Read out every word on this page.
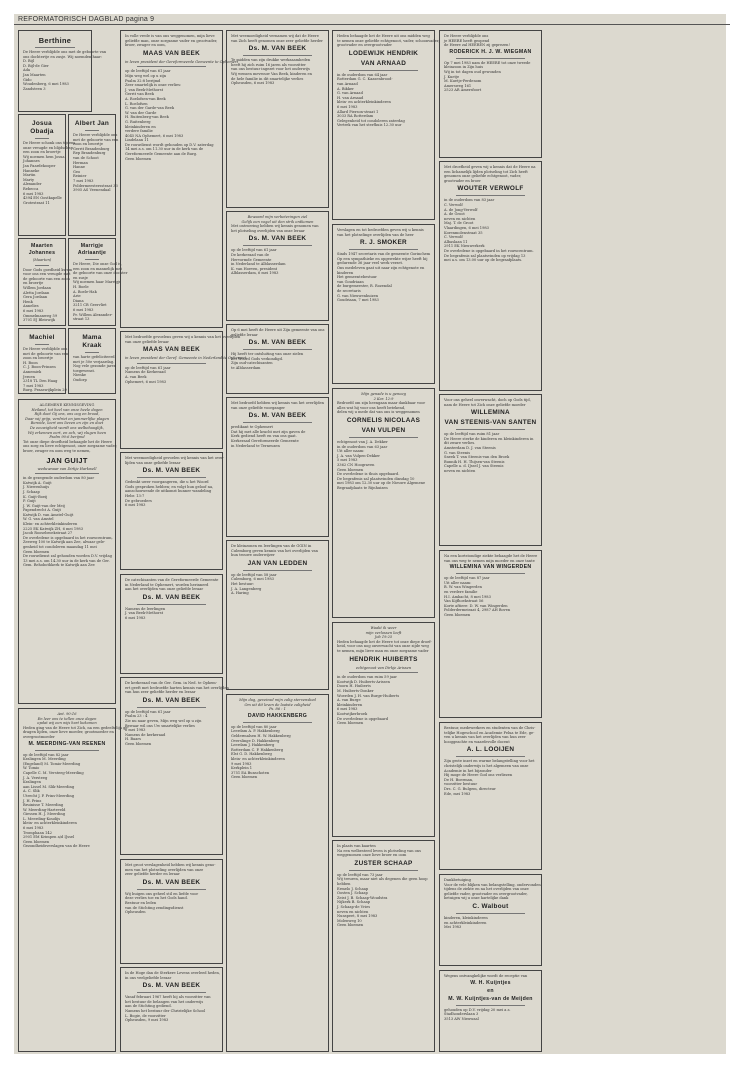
REFORMATORISCH DAGBLAD pagina 9
Berthine
De Heere verblijdde ons met de geboorte van
ons dochtertje en zusje. Wij noemden haar:
D. Bijl
D. Bijl-de Gier
Ada
Jan Maarten
Gido
Woudenberg, 6 mei 1983
Zandsteen 3
Josua Obadja
De Heere schonk ons tijdens
onze vreugde en blijdschap
een zoon en broertje
Wij noemen hem Josua.
Johannes
Jan Paardekooper
Hanneke
Martin
Marty
Alexander
Rebecca
6 mei 1983
4394 EN Oostkapelle
Grotestraat 11
Albert Jan
De Heere verblijdde ons
met de geboorte van een
zoon en broertje
Gerrit Brandenburg
Rep Brandenburg
van de Schoot
Herman
Hanne
Geo
Reinier
7 mei 1983
Poldermeestersstraat 33
3905 AS Veenendaal
Maarten Johannes
(Maarten)
Door Gods goedheid kwam
voor ons een vreugde met
de geboorte van een zoon
en broertje
Willem Jordaan
Aletta Jordaan
Gera Jordaan
Henk
Annelies
6 mei 1983
Ommelmanweg 59
3701 EJ Bleiswijk
Marrigje Adriaantje
De Heere, Die onze God is,
een zoon en mannelijk met
de geboorte van onze dochter
en zusje
Wij noemen haar Marrigje
H. Boele
A. Boele-Hak
Arie
Diana
3211 CB Geervliet
6 mei 1983
Pr. Willem Alexander-
straat 13
Machiel
De Heere verblijdde ons
met de geboorte van een
zoon en broertje
H. Boon
C. J. Boon-Prinsen
Annemiek
Jeroen
2318 TL Den Haag
7 mei 1983
Burg. Praaswijkplein 29
Mama Kraak
van harte gefeliciteerd
met je 50e verjaardag.
Nog vele gezonde jaren
toegewenst.
Nienke
Oudorp
ALGEMENE KENNISGEVING
Heiland, tot heel van onze heele dagen
Rijk doet Gij ons, ons oog en brood,
Daar wij grijp, verdriet en jammerlijke plagen
Bereide, leert ons lieven en zijn en doet
De eeuwigheid wordt ons welbehaaglijk,
Wij erkennen eert, en ach, wij vlugen heen
Psalm 90:6 berijmd
Tot onze diepe droefheid behaagde het de Heere
ons zorg en lieve echtgenoot, onze zorgzame vader,
broer, zwager en oom weg te nemen,
JAN GUIJT
weduwnaar van Dirkje Harkwell
in de gezegende ouderdom van 80 jaar
Katwijk A. Guijt
J. Niewenhuijs
J. Schaap
K. Guijt-Boeij
P. Guijt
J. W. Guijt-van der Meij
Papendrecht A. Guijt
Katwijk D. van Amstel-Guijt
W. G. van Amstel
Klein- en achterkleinkinderen
2225 EK Katwijk ZH, 6 mei 1983
Jacob Roosebroekstraat 27
De overledene is opgebaard in het rouwcentrum,
Zeeweg 100 te Katwijk aan Zee, alwaar gele-
genheid tot condoleren maandag 11 mei
Geen bloemen
De rouwdienst zal gehouden worden D.V. vrijdag
13 mei a.s. om 14.30 uur in de kerk van de Ger.
Gem. Rehobothkerk te Katwijk aan Zee
Ant. 90:16
En leer ons te tellen onze dagen
opdat wij een wijs hart bekomen
Heden ging van de Heere tot Zich, na een gedeeltelijk ge-
dragen lijden, onze lieve moeder, grootmoeder en
overgrootmoeder
M. MEERDING-VAN REENEN
op de leeftijd van 82 jaar
Kralingen M. Meerding
(Engeland) M. Tomio-Meerding
W. Tomio
Capelle C. M. Versteeg-Meerding
J. A. Versteeg
Kralingen
aan Lissel M. Slik-Meerding
A. C. Slik
Utrecht J. P. Prins-Meerding
J. H. Prins
Bruinisse T. Meerding
W. Meerding-Harteveld
Giessen H. J. Meerding
L. Meerding-Koudijs
klein- en achterkleinkinderen
6 mei 1983
Tromphaan 142
2901 EM Krimpen a/d IJssel
Geen bloemen
Gezondheidsverslagen van de Heere
In volle vrede is van ons weggenomen, mijn lieve
geliefde man, onze zorgzame vader en grootvader,
broer, zwager en oom,
MAAS VAN BEEK
in leven president der Gereformeerde Gemeente te Ophemert
op de leeftijd van 61 jaar
Mijn weg wel op u zijn
Psalm 32:8 berijmd
Zeer smartelijk is onze verlies:
J. van Beek-Methorst
Gerrit van Beek
A. Roelofsen-van Beek
L. Roelofsen
G. van der Garde-van Beek
W. van der Garde
H. Ruitenberg-van Beek
G. Ruitenberg
kleinkinderen en
verdere familie
4045 NA Ophemert, 6 mei 1983
Lindelaan 11
De rouwdienst wordt gehouden op D.V. zaterdag
14 mei a.s. om 11.30 uur in de kerk van de
Gereformeerde Gemeente aan de Burg.
Geen bloemen
Met bedroefde gevoelens geven wij u kennis van het overlijden
van onze geliefde leraar
MAAS VAN BEEK
in leven president der Geref. Gemeente in Nederland te Ophemert
op de leeftijd van 61 jaar
Namens de Kerkeraad
A. van Beek
Ophemert, 6 mei 1983
Met weemoedigheid gevoelen wij kennis van het over-
lijden van onze geliefde leraar
Ds. M. VAN BEEK
Gedenkt uwer voorgangeren, die u het Woord
Gods gesproken hebben; en volgt hun geloof na,
aanschouwende de uitkomst hunner wandeling
Hebr. 13:7
De gebroeders
6 mei 1983
De catechisanten van de Gereformeerde Gemeente
in Nederland te Ophemert, worden herinnerd
aan het overlijden van onze geliefde leraar
Ds. M. VAN BEEK
Namens de leerlingen
J. van Beek-Methorst
6 mei 1983
De kerkeraad van de Ger. Gem. in Ned. te Ophem-
ert geeft met bedroefde harten kennis van het overlijden
van hun zeer geliefde herder en leraar
Ds. M. VAN BEEK
op de leeftijd van 61 jaar
Psalm 23 : 4
Zie nu naar geven, Mijn weg wel op u zijn
Bewaar wil ons Uw smartelijke verlies
6 mei 1983
Namens de kerkeraad
H. Baars
Geen bloemen
Met groot verslagenheid hebben wij kennis geno-
men van het plotseling overlijden van onze
zeer geliefde herder en leraar
Ds. M. VAN BEEK
Wij buigen ons geheel stil en liefde voor
deze verlies toe en het Gods hand.
Bestuur en leden
van de Stichting zendingsdienst
Opheusden
In de Hoge dan de Sterkere Levens overleed heden,
in ons veelgeliefde leraar
Ds. M. VAN BEEK
Vanaf februari 1967 heeft hij als voorzitter van
het bestuur de belangen van het onderwijs
aan de Stichting gediend.
Namens het bestuur der Christelijke School
L. Bogie, de voorzitter
Opheusden, 9 mei 1983
Met weemoedigheid vernamen wij dat de Heere
van Zich heeft genomen onze zeer geliefde herder
Ds. M. VAN BEEK
Te midden van zijn drukke werkzaamheden
heeft hij zich ruim 16 jaren als voorzitter
van ons bestuur ingezet voor het onderwijs
Wij wensen mevrouw Van Beek, kinderen en
de hele familie in dit smartelijke verlies
Opheusden, 6 mei 1983
Bewaard mijn verbeteringen ziel
Gelijk een vogel uit den strik ontkomen
Met ontroering hebben wij kennis genomen van
het plotseling overlijden van onze leraar
Ds. M. VAN BEEK
op de leeftijd van 61 jaar
De kerkeraad van de
Hervormde Gemeente
in Nederland te Alblasserdam
K. van Hoeven, president
Alblasserdam, 6 mei 1983
Op 6 mei heeft de Heere uit Zijn gemeente van ons
geliefde leraar
Ds. M. VAN BEEK
Hij heeft ter ontsluiting van onze zielen
het Woord Gods verkondigd.
Zijn oud-catechisanten
te Alblasserdam
Met bedroefd hebben wij kennis van het overlijden
van onze geliefde voorganger
Ds. M. VAN BEEK
predikant te Ophemert
Dat hij met alle kracht met zijn gaven de
Kerk gediend heeft en van ons gaat.
Kerkeraad Gereformeerde Gemeente
in Nederland te Terneuzen
De kleinzonen en leerlingen van de GGIN in
Culemborg geven kennis van het overlijden van
hun trouwe onderwijzer
JAN VAN LEDDEN
op de leeftijd van 58 jaar
Culemborg, 6 mei 1983
Het bestuur:
J. A. Langenberg
A. Haring
Mijn dag, geveinsd mijn zalig stervensbed
Om uit dit leven de laatste zaligheid
Ps. 86 : 1
DAVID HAKKENBERG
op de leeftijd van 80 jaar
Leerdam A. P. Hakkenberg
Geldermalsen H. W. Hakkenberg
Overslinge D. Hakkenberg
Leerdam J. Hakkenberg
Rotterdam C. P. Hakkenberg
Elst G. D. Hakkenberg
klein- en achterkleinkinderen
9 mei 1983
Kerkplein 1
3751 EA Bunschoten
Geen bloemen
Heden behaagde het de Heere uit ons midden weg
te nemen onze geliefde echtgenoot, vader, schoonvader,
grootvader en overgrootvader
LODEWIJK HENDRIK
VAN ARNAAD
in de ouderdom van 64 jaar
Rotterdam G. C. Kaasenbrood-
van Arnaad
A. Bikker
G. van Arnaad
H. van Arnaad
klein- en achterkleinkinderen
6 mei 1983
Allard Pierson-straat 1
3033 RA Rotterdam
Gelegenheid tot condoleren zaterdag
Vertrek van het sterfhuis 12.30 uur
Verslagen en tot bedroefden geven wij u kennis
van het plotselinge overlijden van de heer
R. J. SMOKER
Sinds 1947 secretaris van de gemeente Gorinchem
Op een sympathieke en opgewekte wijze heeft hij
gedurende 36 jaar veel werk verzet.
Ons medeleven gaat uit naar zijn echtgenote en
kinderen
Het gemeentebestuur
van Goudriaan
de burgemeester, R. Rozendal
de secretaris
G. van Nieuwenhuizen
Goudriaan, 7 mei 1983
Mijn genade is u genoeg
2 Kor. 12:9
Bedroefd om zijn heengaan maar dankbaar voor
alles wat hij voor ons heeft betekend,
delen wij u mede dat van ons is weggenomen
CORNELIS NICOLAAS
VAN VULPEN
echtgenoot van J. A. Dekker
in de ouderdom van 63 jaar
Uit aller naam:
J. A. van Vulpen-Dekker
5 mei 1983
3362 CN Hoograven
Geen bloemen
De overledene is thuis opgebaard.
De begrafenis zal plaatsvinden dinsdag 10
mei 1983 om 12.30 uur op de Nieuwe Algemene
Begraafplaats te Rijnhuizen
Waakt ik weer
mijn verlossen leeft
Job 19:25
Heden behaagde het de Heere tot onze diepe droef-
heid, voor ons nog onverwacht van onze zijde weg
te nemen, mijn lieve man en onze zorgzame vader
HENDRIK HUIBERTS
echtgenoot van Dirkje Arissen
in de ouderdom van ruim 59 jaar
Kootwijk D. Huiberts-Arissen
Doorn H. Huiberts
M. Huiberts-Donker
Woerden J. H. van Burge-Huiberts
A. van Burge
kleinkinderen
6 mei 1983
Kootwijkerbroek
De overledene is opgebaard
Geen bloemen
In plaats van kaarten
Na een welbesteed leven is plotseling van ons
weggenomen onze lieve broer en oom
ZUSTER SCHAAP
op de leeftijd van 73 jaar
Wij treuren, maar niet als degenen die geen hoop
hebben
Ermelo J. Schaap
Oosten J. Schaap
Zeist J. B. Schaap-Woudstra
Nijkerk B. Schaap
J. Schaap-de Vries
neven en nichten
Nunspeet, 8 mei 1983
Molenweg 10
Geen bloemen
De Heere verblijdde ons
je HEERE heeft geopend
de Heere zal HEEREN zij geprezen!
RODERICK H. J. W. WIEGMAN
Op 7 mei 1983 nam de HEERE tot onze tweede
kleinzoon in Zijn huis
Wij in tot dagen oud gewonden
J. Kuetje
M. Kuetje-Perdenom
Amersweg 161
2523 AR Amersfoort
Met droefheid geven wij u kennis dat de Heere na
een lichamelijk lijden plotseling tot Zich heeft
genomen onze geliefde echtgenoot, vader,
grootvader en broer
WOUTER VERWOLF
in de ouderdom van 83 jaar
C. Verwolf
A. de Jong-Verwolf
A. de Groot
neven en nichten
Maj. T. de Groot
Vlaardingen, 6 mei 1983
Korenmolenstraat 35
C. Verwolf
Albaslaan 11
2911 EK Nieuwerkerk
De overledene is opgebaard in het rouwcentrum.
De begrafenis zal plaatsvinden op vrijdag 13
mei a.s. om 13.00 uur op de begraafplaats.
Voor ons geheel onverwacht, doch op Gods tijd,
nam de Heere tot Zich onze geliefde moeder
WILLEMINA
VAN STEENIS-VAN SANTEN
op de leeftijd van ruim 81 jaar
De Heere sterke de kinderen en kleinkinderen in
dit zware verlies.
Amsterdam D. J. van Steenis
G. van Steenis
Sneek T. van Steenis-van den Broek
Bunnik H. H. Thijsen-van Steenis
Capelle a. d. IJssel J. van Steenis
neven en nichten
Na een kortstondige ziekte behaagde het de Heere
van ons weg te nemen mijn moeder en onze tante
WILLEMINA VAN WINGERDEN
op de leeftijd van 87 jaar
Uit aller naam:
B. W. van Wingerden
en verdere familie
H.I. Ambacht, 8 mei 1983
Van Kijfhoekstraat 56
Korte aftiere: D. W. van Wingerden
Polderdermeiraat 4, 2987 AH Boven
Geen bloemen
Bestuur, medewerkers en studenten van de Chris-
telijke Hogeschool en Academie Felua te Ede, ge-
ven u kennis van het overlijden van hun zeer
hooggeachte en waardevolle docent
A. L. LOOIJEN
Zijn grote inzet en warme belangstelling voor het
christelijk onderwijs is het algemeen van onze
Academie in het bijzonder
Hij moge de Heere God ons verliezen
De H. Boerman,
voorzitter bestuur
Drs. C. G. Bulgem, directeur
Ede, mei 1983
Dankbetuiging
Voor de vele blijken van belangstelling, ondervonden
tijdens de ziekte en na het overlijden van onze
geliefde vader, grootvader en overgrootvader,
betuigen wij u onze hartelijke dank
C. Walbout
kinderen, kleinkinderen
en achterkleinkinderen
Mei 1983
Wegens ontvangkelijke wordt de receptie van
W. H. Kuijntjes
en
M. W. Kuijntjes-van de Meijden
gehouden op D.V. vrijdag 20 mei a.s.
Stadhouderslaan 3
3513 AW Nieuwaal
